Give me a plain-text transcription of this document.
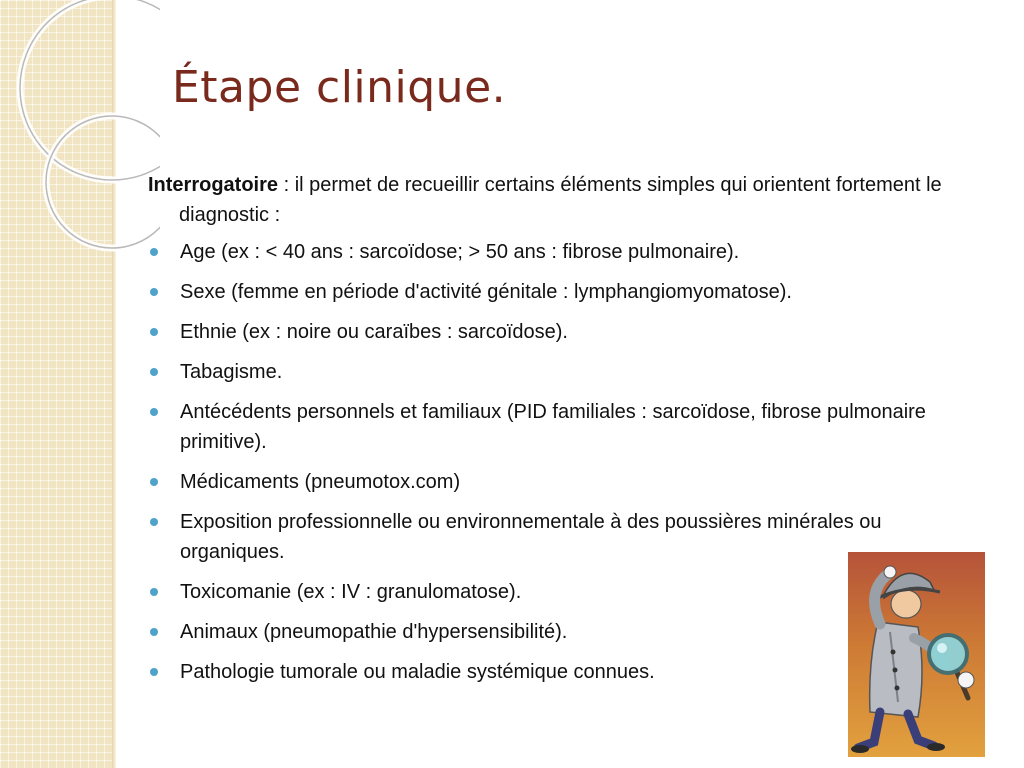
Étape clinique.

Interrogatoire : il permet de recueillir certains éléments simples qui orientent fortement le diagnostic :

Age (ex : < 40 ans : sarcoïdose; > 50 ans : fibrose pulmonaire).
Sexe (femme en période d'activité génitale : lymphangiomyomatose).
Ethnie (ex : noire ou caraïbes : sarcoïdose).
Tabagisme.
Antécédents personnels et familiaux (PID familiales : sarcoïdose, fibrose pulmonaire primitive).
Médicaments (pneumotox.com)
Exposition professionnelle ou environnementale à des poussières minérales ou organiques.
Toxicomanie (ex : IV : granulomatose).
Animaux (pneumopathie d'hypersensibilité).
Pathologie tumorale ou maladie systémique connues.
